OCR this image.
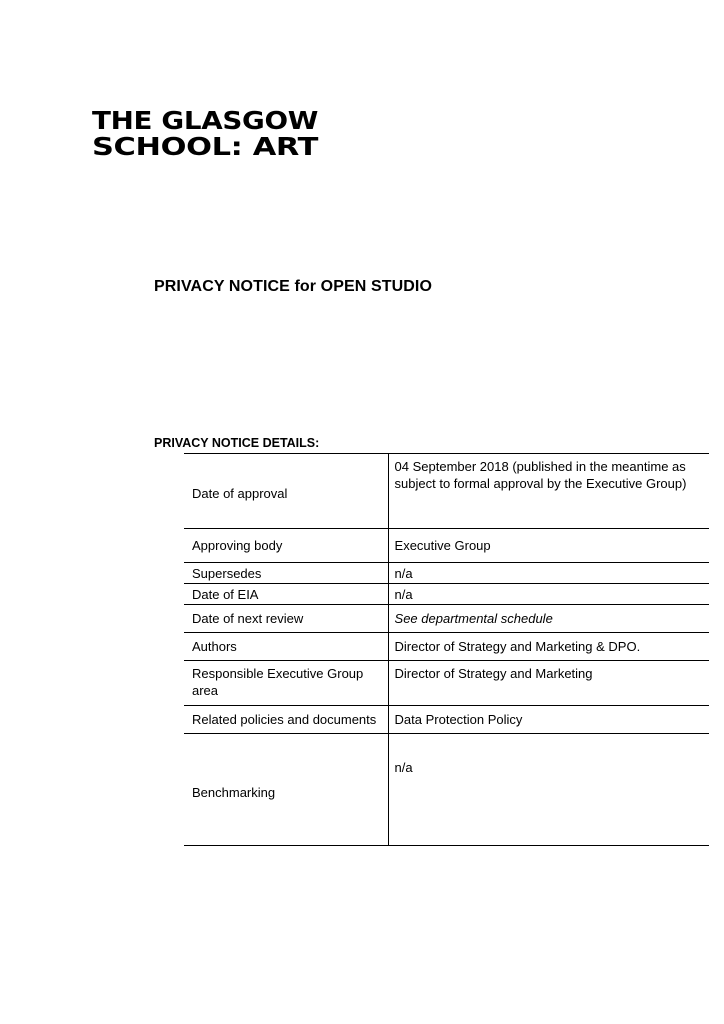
THE GLASGOW
SCHOOL: ART
PRIVACY NOTICE for OPEN STUDIO
PRIVACY NOTICE DETAILS:
Date of approval	04 September 2018 (published in the meantime as subject to formal approval by the Executive Group)
Approving body	Executive Group
Supersedes	n/a
Date of EIA	n/a
Date of next review	See departmental schedule
Authors	Director of Strategy and Marketing & DPO.
Responsible Executive Group area	Director of Strategy and Marketing
Related policies and documents	Data Protection Policy
Benchmarking	n/a
